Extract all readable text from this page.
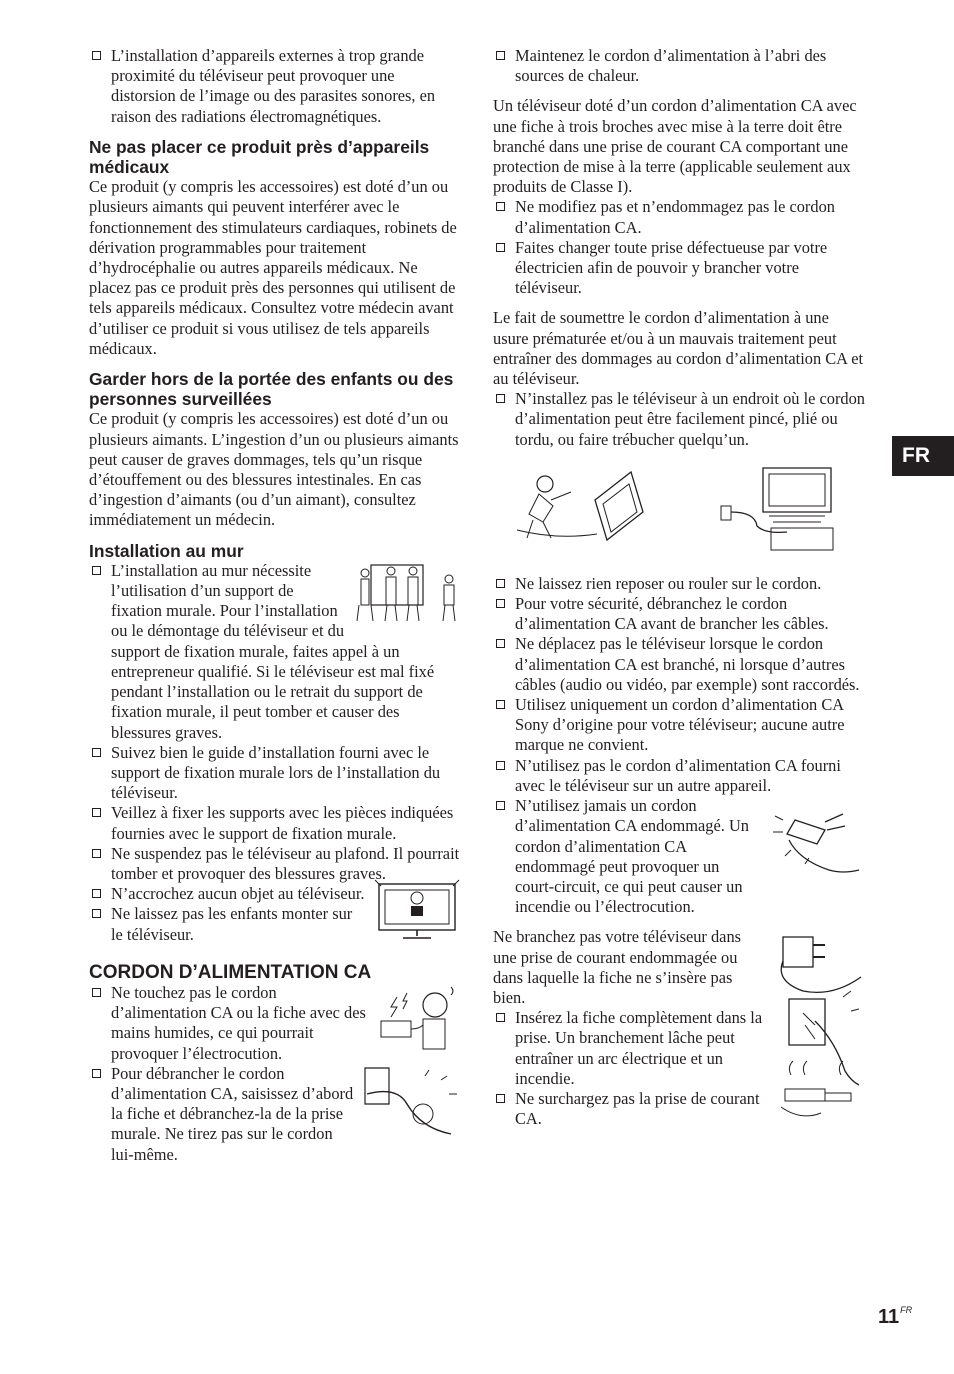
L’installation d’appareils externes à trop grande proximité du téléviseur peut provoquer une distorsion de l’image ou des parasites sonores, en raison des radiations électromagnétiques.
Ne pas placer ce produit près d’appareils médicaux

Ce produit (y compris les accessoires) est doté d’un ou plusieurs aimants qui peuvent interférer avec le fonctionnement des stimulateurs cardiaques, robinets de dérivation programmables pour traitement d’hydrocéphalie ou autres appareils médicaux. Ne placez pas ce produit près des personnes qui utilisent de tels appareils médicaux. Consultez votre médecin avant d’utiliser ce produit si vous utilisez de tels appareils médicaux.

Garder hors de la portée des enfants ou des personnes surveillées

Ce produit (y compris les accessoires) est doté d’un ou plusieurs aimants. L’ingestion d’un ou plusieurs aimants peut causer de graves dommages, tels qu’un risque d’étouffement ou des blessures intestinales. En cas d’ingestion d’aimants (ou d’un aimant), consultez immédiatement un médecin.

Installation au mur
L’installation au mur nécessite l’utilisation d’un support de fixation murale. Pour l’installation ou le démontage du téléviseur et du support de fixation murale, faites appel à un entrepreneur qualifié. Si le téléviseur est mal fixé pendant l’installation ou le retrait du support de fixation murale, il peut tomber et causer des blessures graves.
Suivez bien le guide d’installation fourni avec le support de fixation murale lors de l’installation du téléviseur.
Veillez à fixer les supports avec les pièces indiquées fournies avec le support de fixation murale.
Ne suspendez pas le téléviseur au plafond. Il pourrait tomber et provoquer des blessures graves.
N’accrochez aucun objet au téléviseur.
Ne laissez pas les enfants monter sur le téléviseur.
CORDON D’ALIMENTATION CA
Ne touchez pas le cordon d’alimentation CA ou la fiche avec des mains humides, ce qui pourrait provoquer l’électrocution.
Pour débrancher le cordon d’alimentation CA, saisissez d’abord la fiche et débranchez-la de la prise murale. Ne tirez pas sur le cordon lui-même.
Maintenez le cordon d’alimentation à l’abri des sources de chaleur.

Un téléviseur doté d’un cordon d’alimentation CA avec une fiche à trois broches avec mise à la terre doit être branché dans une prise de courant CA comportant une protection de mise à la terre (applicable seulement aux produits de Classe I).

Ne modifiez pas et n’endommagez pas le cordon d’alimentation CA.
Faites changer toute prise défectueuse par votre électricien afin de pouvoir y brancher votre téléviseur.

Le fait de soumettre le cordon d’alimentation à une usure prématurée et/ou à un mauvais traitement peut entraîner des dommages au cordon d’alimentation CA et au téléviseur.

N’installez pas le téléviseur à un endroit où le cordon d’alimentation peut être facilement pincé, plié ou tordu, ou faire trébucher quelqu’un.
Ne laissez rien reposer ou rouler sur le cordon.
Pour votre sécurité, débranchez le cordon d’alimentation CA avant de brancher les câbles.
Ne déplacez pas le téléviseur lorsque le cordon d’alimentation CA est branché, ni lorsque d’autres câbles (audio ou vidéo, par exemple) sont raccordés.
Utilisez uniquement un cordon d’alimentation CA Sony d’origine pour votre téléviseur; aucune autre marque ne convient.
N’utilisez pas le cordon d’alimentation CA fourni avec le téléviseur sur un autre appareil.
N’utilisez jamais un cordon d’alimentation CA endommagé. Un cordon d’alimentation CA endommagé peut provoquer un court-circuit, ce qui peut causer un incendie ou l’électrocution.

Ne branchez pas votre téléviseur dans une prise de courant endommagée ou dans laquelle la fiche ne s’insère pas bien.

Insérez la fiche complètement dans la prise. Un branchement lâche peut entraîner un arc électrique et un incendie.
Ne surchargez pas la prise de courant CA.
FR
$11^{FR}$
